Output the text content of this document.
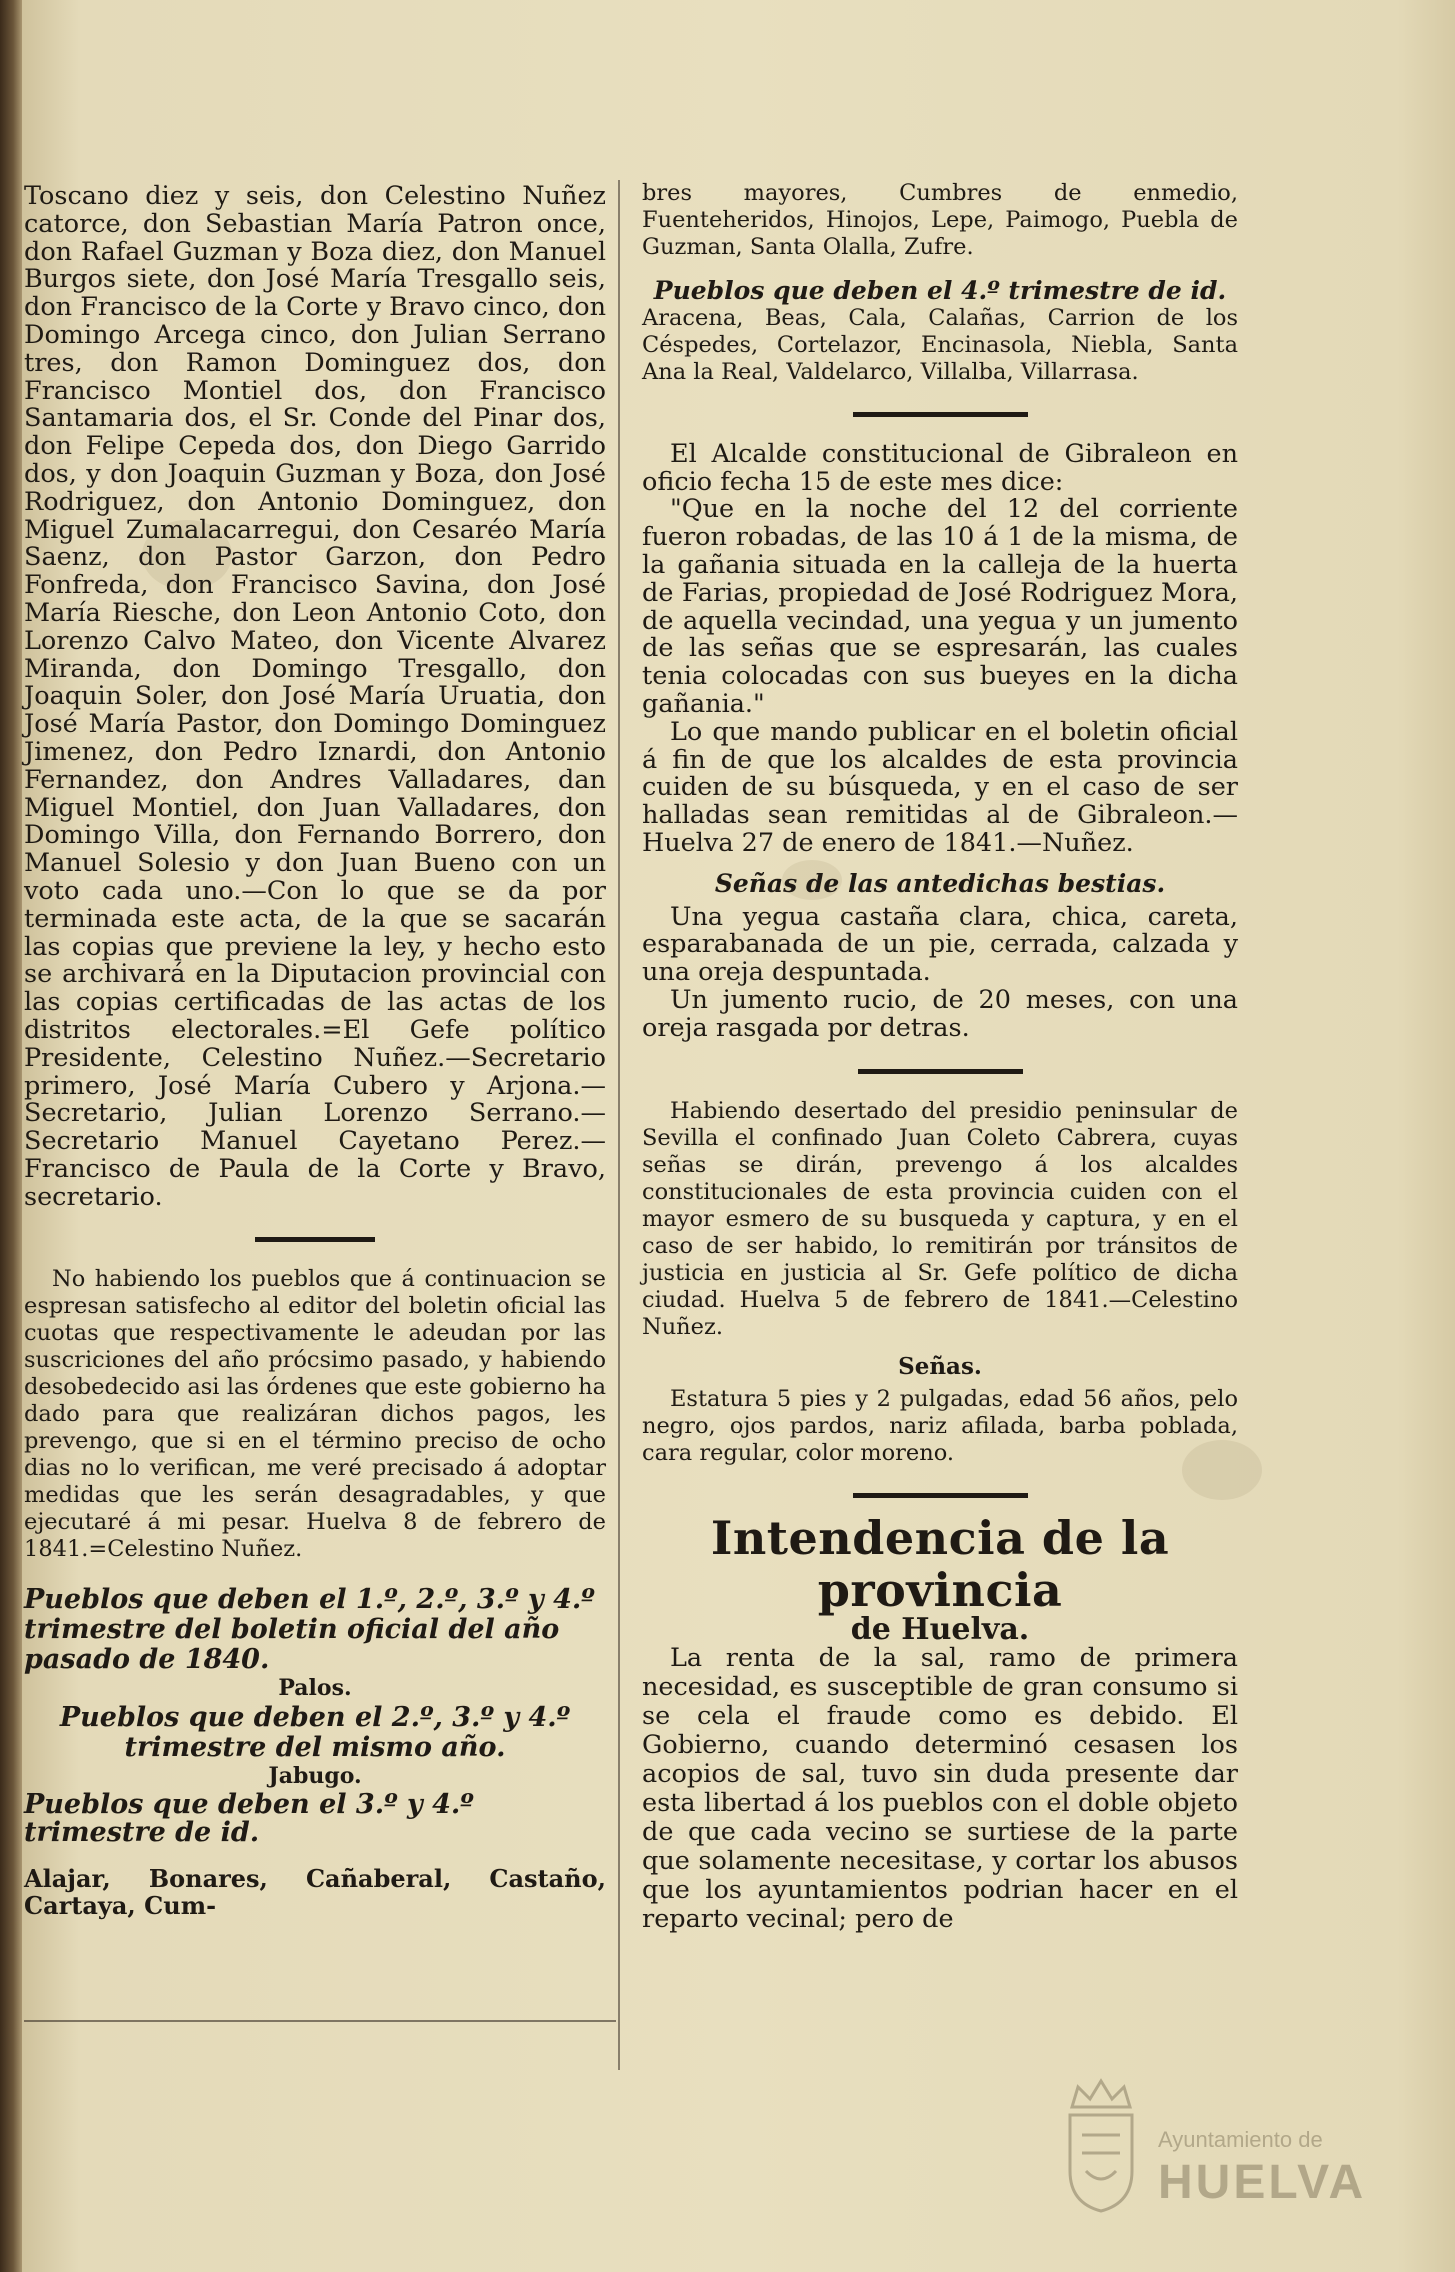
Toscano diez y seis, don Celestino Nuñez catorce, don Sebastian María Patron once, don Rafael Guzman y Boza diez, don Manuel Burgos siete, don José María Tresgallo seis, don Francisco de la Corte y Bravo cinco, don Domingo Arcega cinco, don Julian Serrano tres, don Ramon Dominguez dos, don Francisco Montiel dos, don Francisco Santamaria dos, el Sr. Conde del Pinar dos, don Felipe Cepeda dos, don Diego Garrido dos, y don Joaquin Guzman y Boza, don José Rodriguez, don Antonio Dominguez, don Miguel Zumalacarregui, don Cesaréo María Saenz, don Pastor Garzon, don Pedro Fonfreda, don Francisco Savina, don José María Riesche, don Leon Antonio Coto, don Lorenzo Calvo Mateo, don Vicente Alvarez Miranda, don Domingo Tresgallo, don Joaquin Soler, don José María Uruatia, don José María Pastor, don Domingo Dominguez Jimenez, don Pedro Iznardi, don Antonio Fernandez, don Andres Valladares, dan Miguel Montiel, don Juan Valladares, don Domingo Villa, don Fernando Borrero, don Manuel Solesio y don Juan Bueno con un voto cada uno.—Con lo que se da por terminada este acta, de la que se sacarán las copias que previene la ley, y hecho esto se archivará en la Diputacion provincial con las copias certificadas de las actas de los distritos electorales.=El Gefe político Presidente, Celestino Nuñez.—Secretario primero, José María Cubero y Arjona.—Secretario, Julian Lorenzo Serrano.— Secretario Manuel Cayetano Perez.—Francisco de Paula de la Corte y Bravo, secretario.

No habiendo los pueblos que á continuacion se espresan satisfecho al editor del boletin oficial las cuotas que respectivamente le adeudan por las suscriciones del año prócsimo pasado, y habiendo desobedecido asi las órdenes que este gobierno ha dado para que realizáran dichos pagos, les prevengo, que si en el término preciso de ocho dias no lo verifican, me veré precisado á adoptar medidas que les serán desagradables, y que ejecutaré á mi pesar. Huelva 8 de febrero de 1841.=Celestino Nuñez.

Pueblos que deben el 1.º, 2.º, 3.º y 4.º trimestre del boletin oficial del año pasado de 1840.

Palos.

Pueblos que deben el 2.º, 3.º y 4.º trimestre del mismo año.

Jabugo.

Pueblos que deben el 3.º y 4.º trimestre de id.

Alajar, Bonares, Cañaberal, Castaño, Cartaya, Cum-

bres mayores, Cumbres de enmedio, Fuenteheridos, Hinojos, Lepe, Paimogo, Puebla de Guzman, Santa Olalla, Zufre.

Pueblos que deben el 4.º trimestre de id.

Aracena, Beas, Cala, Calañas, Carrion de los Céspedes, Cortelazor, Encinasola, Niebla, Santa Ana la Real, Valdelarco, Villalba, Villarrasa.

El Alcalde constitucional de Gibraleon en oficio fecha 15 de este mes dice:

"Que en la noche del 12 del corriente fueron robadas, de las 10 á 1 de la misma, de la gañania situada en la calleja de la huerta de Farias, propiedad de José Rodriguez Mora, de aquella vecindad, una yegua y un jumento de las señas que se espresarán, las cuales tenia colocadas con sus bueyes en la dicha gañania."

Lo que mando publicar en el boletin oficial á fin de que los alcaldes de esta provincia cuiden de su búsqueda, y en el caso de ser halladas sean remitidas al de Gibraleon.—Huelva 27 de enero de 1841.—Nuñez.

Señas de las antedichas bestias.

Una yegua castaña clara, chica, careta, esparabanada de un pie, cerrada, calzada y una oreja despuntada.

Un jumento rucio, de 20 meses, con una oreja rasgada por detras.

Habiendo desertado del presidio peninsular de Sevilla el confinado Juan Coleto Cabrera, cuyas señas se dirán, prevengo á los alcaldes constitucionales de esta provincia cuiden con el mayor esmero de su busqueda y captura, y en el caso de ser habido, lo remitirán por tránsitos de justicia en justicia al Sr. Gefe político de dicha ciudad. Huelva 5 de febrero de 1841.—Celestino Nuñez.

Señas.

Estatura 5 pies y 2 pulgadas, edad 56 años, pelo negro, ojos pardos, nariz afilada, barba poblada, cara regular, color moreno.

Intendencia de la provincia

de Huelva.

La renta de la sal, ramo de primera necesidad, es susceptible de gran consumo si se cela el fraude como es debido. El Gobierno, cuando determinó cesasen los acopios de sal, tuvo sin duda presente dar esta libertad á los pueblos con el doble objeto de que cada vecino se surtiese de la parte que solamente necesitase, y cortar los abusos que los ayuntamientos podrian hacer en el reparto vecinal; pero de

Ayuntamiento de
HUELVA
